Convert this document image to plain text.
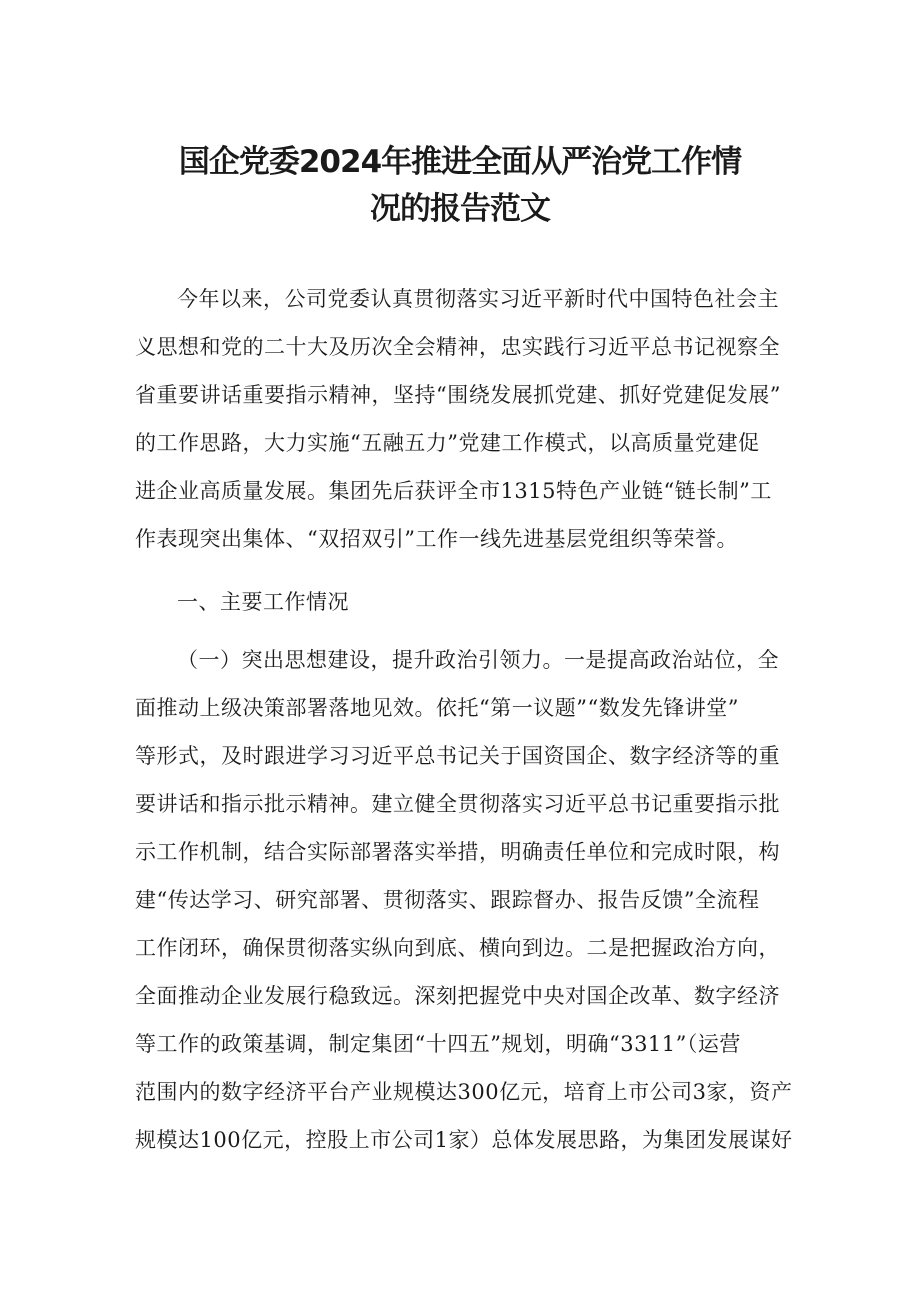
国企党委2024年推进全面从严治党工作情
况的报告范文
今年以来，公司党委认真贯彻落实习近平新时代中国特色社会主
义思想和党的二十大及历次全会精神，忠实践行习近平总书记视察全
省重要讲话重要指示精神，坚持“围绕发展抓党建、抓好党建促发展”
的工作思路，大力实施“五融五力”党建工作模式，以高质量党建促
进企业高质量发展。集团先后获评全市1315特色产业链“链长制”工
作表现突出集体、“双招双引”工作一线先进基层党组织等荣誉。
一、主要工作情况
（一）突出思想建设，提升政治引领力。一是提高政治站位，全
面推动上级决策部署落地见效。依托“第一议题”“数发先锋讲堂”
等形式，及时跟进学习习近平总书记关于国资国企、数字经济等的重
要讲话和指示批示精神。建立健全贯彻落实习近平总书记重要指示批
示工作机制，结合实际部署落实举措，明确责任单位和完成时限，构
建“传达学习、研究部署、贯彻落实、跟踪督办、报告反馈”全流程
工作闭环，确保贯彻落实纵向到底、横向到边。二是把握政治方向，
全面推动企业发展行稳致远。深刻把握党中央对国企改革、数字经济
等工作的政策基调，制定集团“十四五”规划，明确“3311”（运营
范围内的数字经济平台产业规模达300亿元，培育上市公司3家，资产
规模达100亿元，控股上市公司1家）总体发展思路，为集团发展谋好
